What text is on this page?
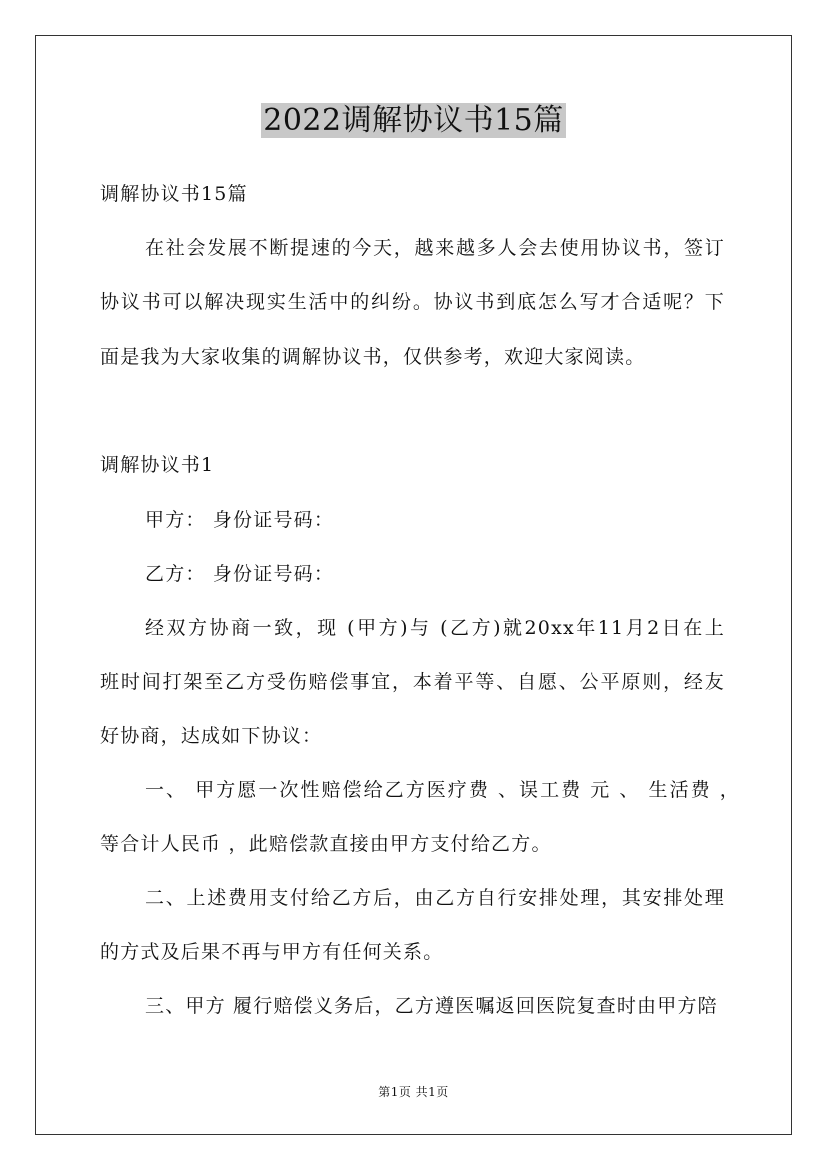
2022调解协议书15篇
调解协议书15篇
在社会发展不断提速的今天，越来越多人会去使用协议书，签订
协议书可以解决现实生活中的纠纷。协议书到底怎么写才合适呢？下
面是我为大家收集的调解协议书，仅供参考，欢迎大家阅读。
调解协议书1
甲方： 身份证号码：
乙方： 身份证号码：
经双方协商一致，现 (甲方)与 (乙方)就20xx年11月2日在上
班时间打架至乙方受伤赔偿事宜，本着平等、自愿、公平原则，经友
好协商，达成如下协议：
一、 甲方愿一次性赔偿给乙方医疗费 、误工费 元 、 生活费 ，
等合计人民币 ，此赔偿款直接由甲方支付给乙方。
二、上述费用支付给乙方后，由乙方自行安排处理，其安排处理
的方式及后果不再与甲方有任何关系。
三、甲方 履行赔偿义务后，乙方遵医嘱返回医院复查时由甲方陪
第1页 共1页
